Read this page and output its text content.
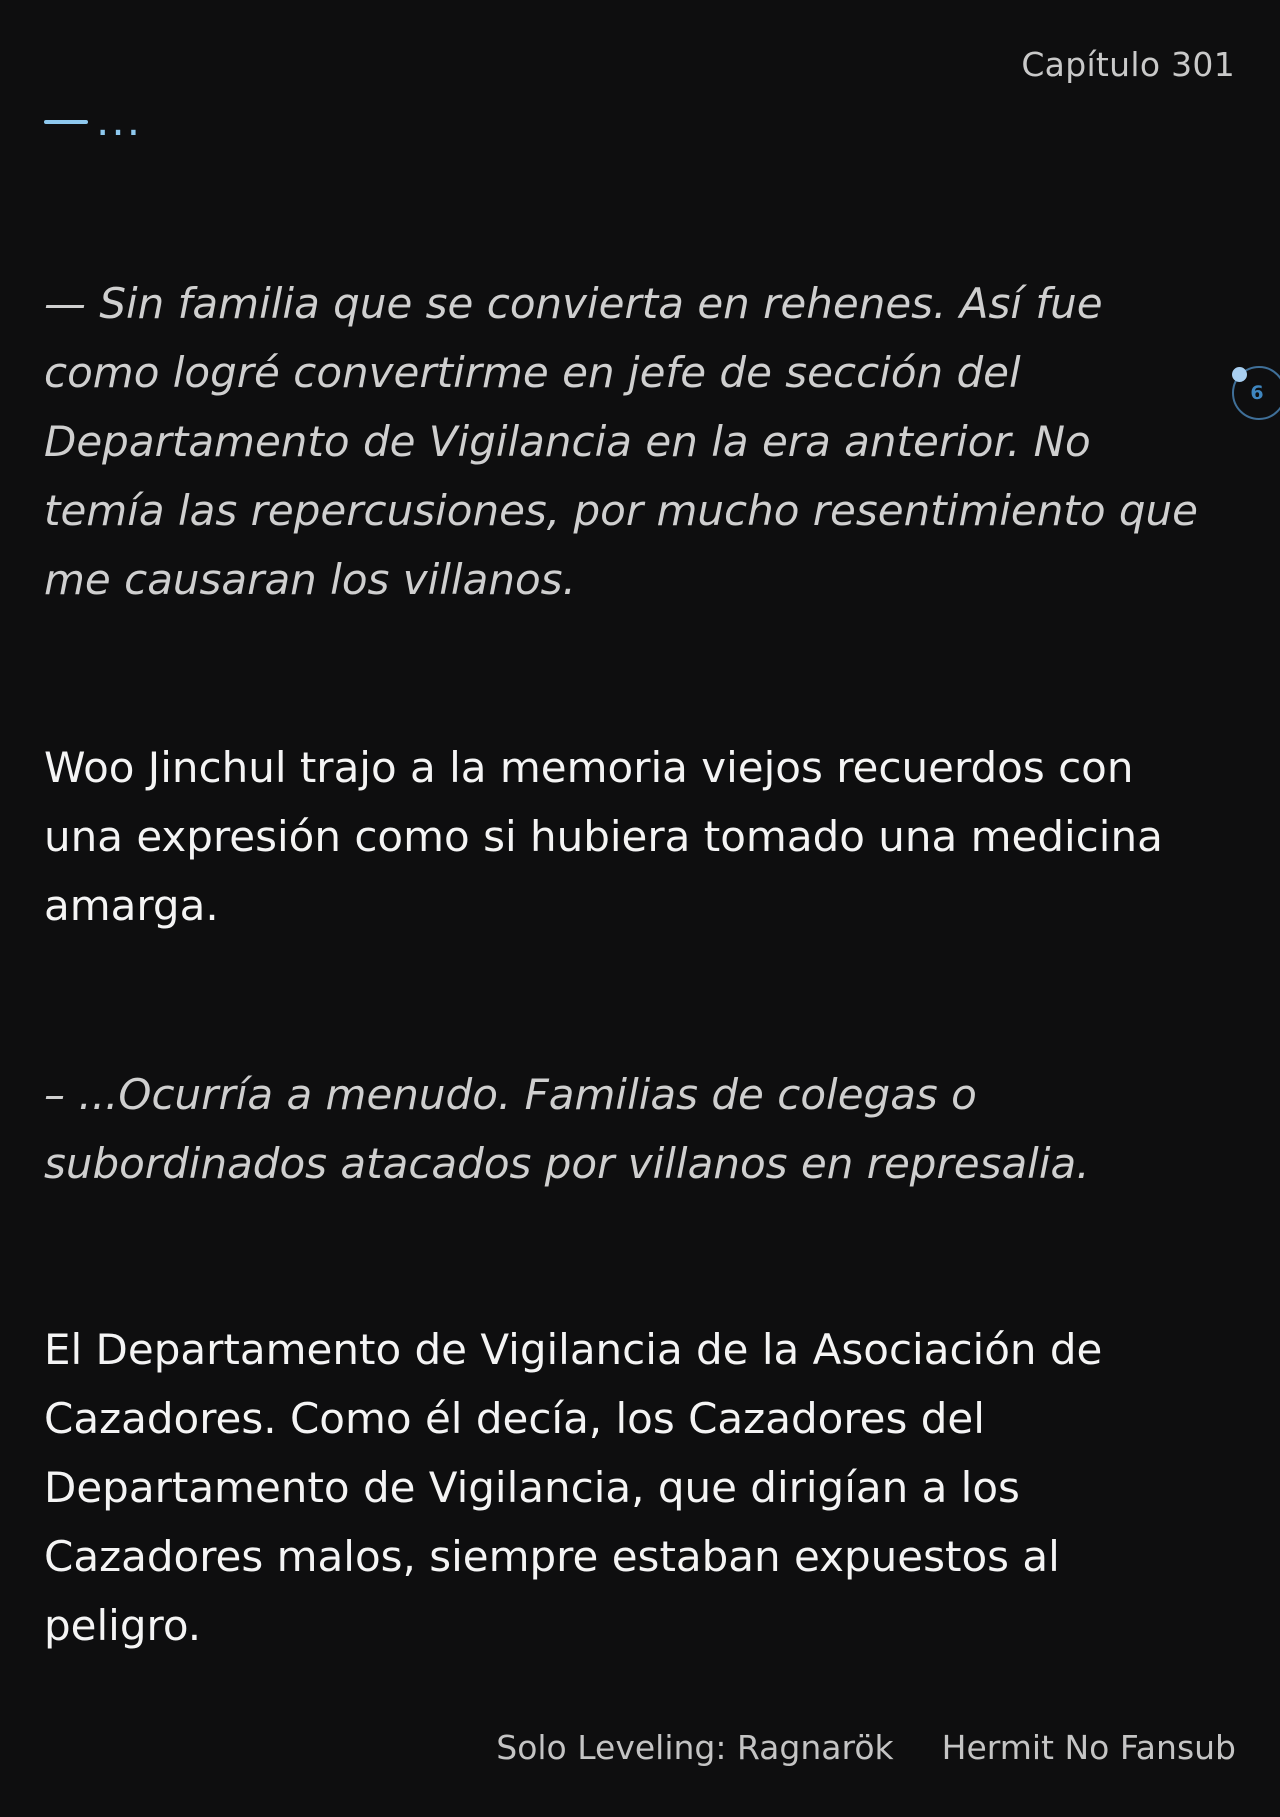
Capítulo 301
...

— Sin familia que se convierta en rehenes. Así fue como logré convertirme en jefe de sección del Departamento de Vigilancia en la era anterior. No temía las repercusiones, por mucho resentimiento que me causaran los villanos.

Woo Jinchul trajo a la memoria viejos recuerdos con una expresión como si hubiera tomado una medicina amarga.

– ...Ocurría a menudo. Familias de colegas o subordinados atacados por villanos en represalia.

El Departamento de Vigilancia de la Asociación de Cazadores. Como él decía, los Cazadores del Departamento de Vigilancia, que dirigían a los Cazadores malos, siempre estaban expuestos al peligro.

6
Solo Leveling: Ragnarök Hermit No Fansub
